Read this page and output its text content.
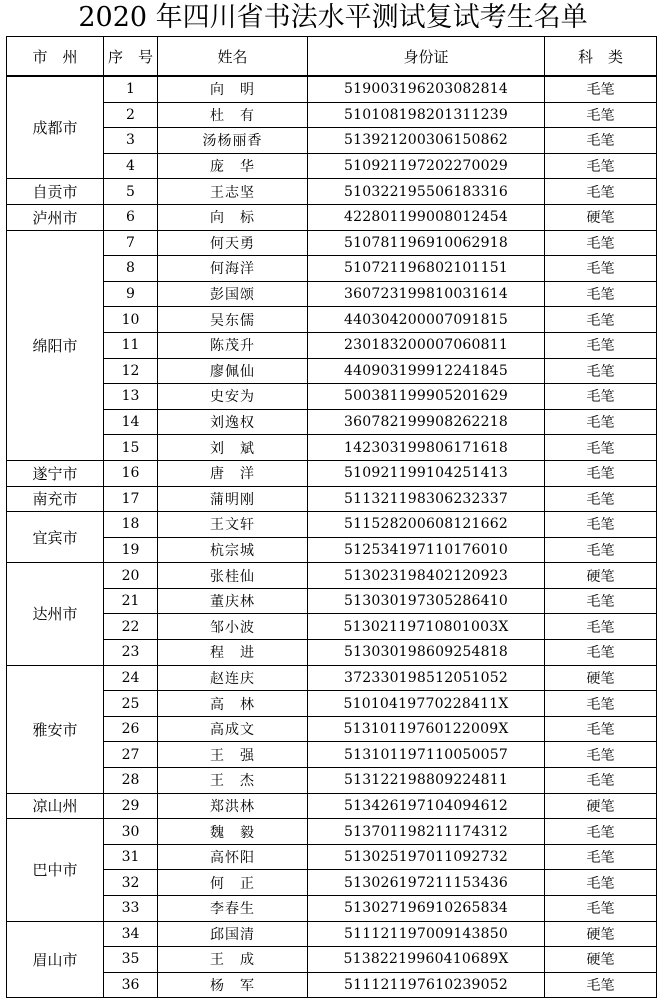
2020 年四川省书法水平测试复试考生名单
市　州	序　号	姓名	身份证	科　类
成都市	1	向　明	519003196203082814	毛笔
	2	杜　有	510108198201311239	毛笔
	3	汤杨丽香	513921200306150862	毛笔
	4	庞　华	510921197202270029	毛笔
自贡市	5	王志坚	510322195506183316	毛笔
泸州市	6	向　标	422801199008012454	硬笔
绵阳市	7	何天勇	510781196910062918	毛笔
	8	何海洋	510721196802101151	毛笔
	9	彭国颂	360723199810031614	毛笔
	10	吴东儒	440304200007091815	毛笔
	11	陈茂升	230183200007060811	毛笔
	12	廖佩仙	440903199912241845	毛笔
	13	史安为	500381199905201629	毛笔
	14	刘逸权	360782199908262218	毛笔
	15	刘　斌	142303199806171618	毛笔
遂宁市	16	唐　洋	510921199104251413	毛笔
南充市	17	蒲明刚	511321198306232337	毛笔
宜宾市	18	王文轩	511528200608121662	毛笔
	19	杭宗城	512534197110176010	毛笔
达州市	20	张桂仙	513023198402120923	硬笔
	21	董庆林	513030197305286410	毛笔
	22	邹小波	51302119710801003X	毛笔
	23	程　进	513030198609254818	毛笔
雅安市	24	赵连庆	372330198512051052	硬笔
	25	高　林	51010419770228411X	毛笔
	26	高成文	51310119760122009X	毛笔
	27	王　强	513101197110050057	毛笔
	28	王　杰	513122198809224811	毛笔
凉山州	29	郑洪林	513426197104094612	硬笔
巴中市	30	魏　毅	513701198211174312	毛笔
	31	高怀阳	513025197011092732	毛笔
	32	何　正	513026197211153436	毛笔
	33	李春生	513027196910265834	毛笔
眉山市	34	邱国清	511121197009143850	硬笔
	35	王　成	51382219960410689X	硬笔
	36	杨　军	511121197610239052	毛笔
